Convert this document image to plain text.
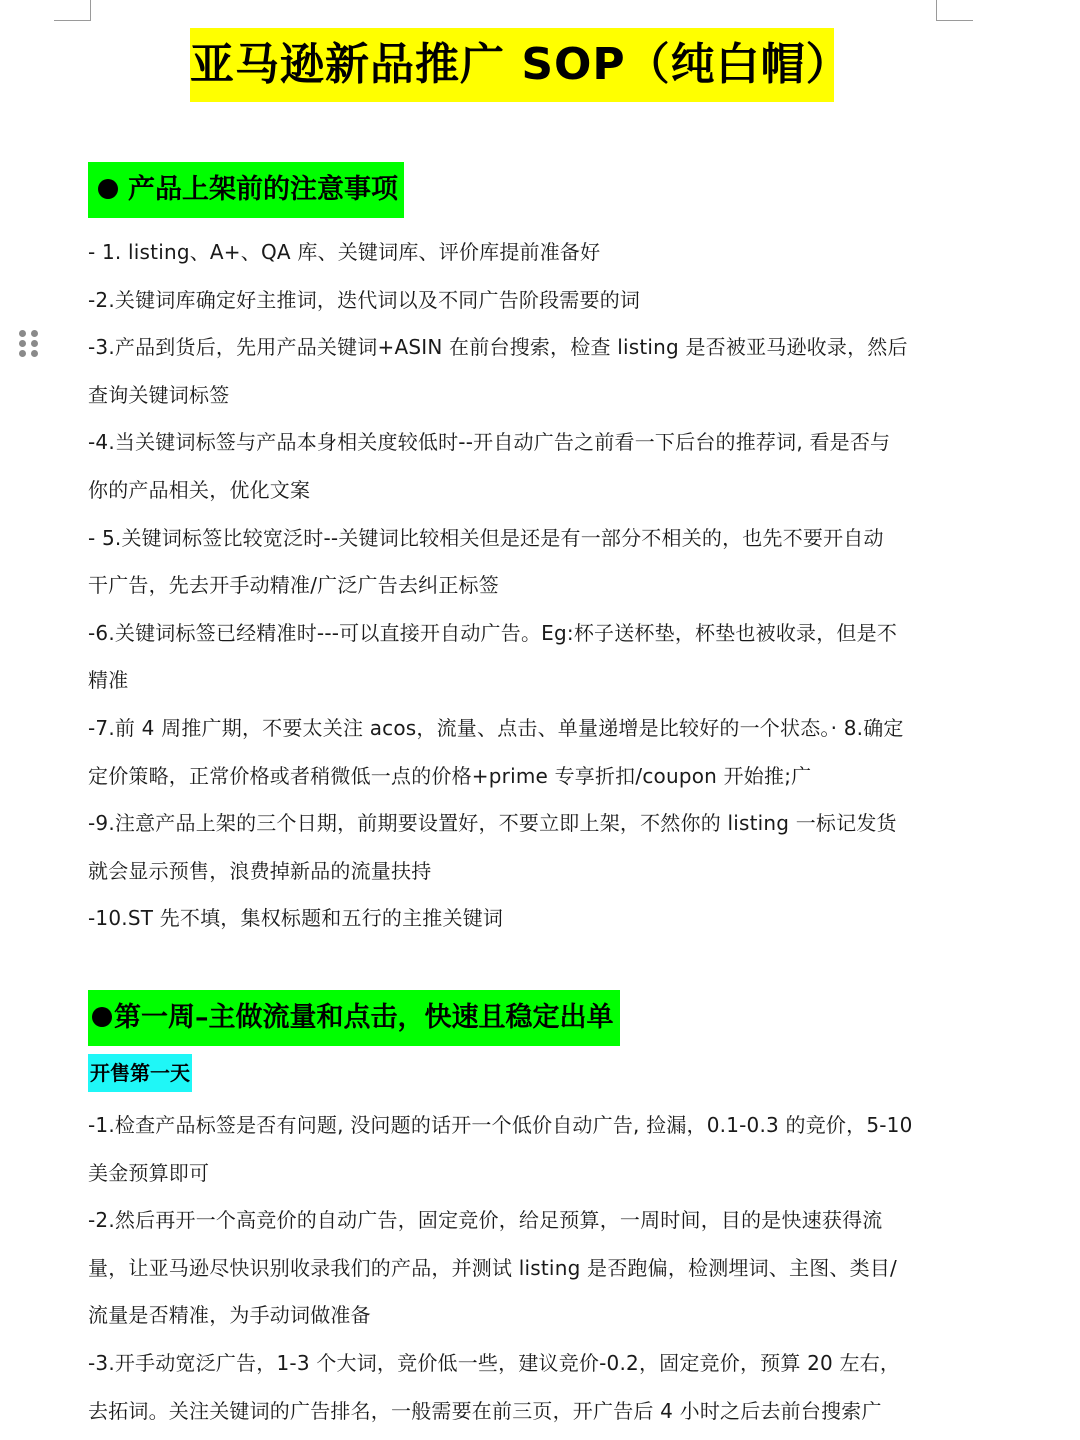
亚马逊新品推广 SOP（纯白帽）
产品上架前的注意事项
- 1. listing、A+、QA 库、关键词库、评价库提前准备好
-2.关键词库确定好主推词，迭代词以及不同广告阶段需要的词
-3.产品到货后，先用产品关键词+ASIN 在前台搜索，检查 listing 是否被亚马逊收录，然后
查询关键词标签
-4.当关键词标签与产品本身相关度较低时--开自动广告之前看一下后台的推荐词, 看是否与
你的产品相关，优化文案
- 5.关键词标签比较宽泛时--关键词比较相关但是还是有一部分不相关的，也先不要开自动
干广告，先去开手动精准/广泛广告去纠正标签
-6.关键词标签已经精准时---可以直接开自动广告。Eg:杯子送杯垫，杯垫也被收录，但是不
精准
-7.前 4 周推广期，不要太关注 acos，流量、点击、单量递增是比较好的一个状态。· 8.确定
定价策略，正常价格或者稍微低一点的价格+prime 专享折扣/coupon 开始推;广
-9.注意产品上架的三个日期，前期要设置好，不要立即上架，不然你的 listing 一标记发货
就会显示预售，浪费掉新品的流量扶持
-10.ST 先不填，集权标题和五行的主推关键词
第一周–主做流量和点击，快速且稳定出单
开售第一天
-1.检查产品标签是否有问题, 没问题的话开一个低价自动广告, 捡漏，0.1-0.3 的竞价，5-10
美金预算即可
-2.然后再开一个高竞价的自动广告，固定竞价，给足预算，一周时间，目的是快速获得流
量，让亚马逊尽快识别收录我们的产品，并测试 listing 是否跑偏，检测埋词、主图、类目/
流量是否精准，为手动词做准备
-3.开手动宽泛广告，1-3 个大词，竞价低一些，建议竞价-0.2，固定竞价，预算 20 左右，
去拓词。关注关键词的广告排名，一般需要在前三页，开广告后 4 小时之后去前台搜索广
